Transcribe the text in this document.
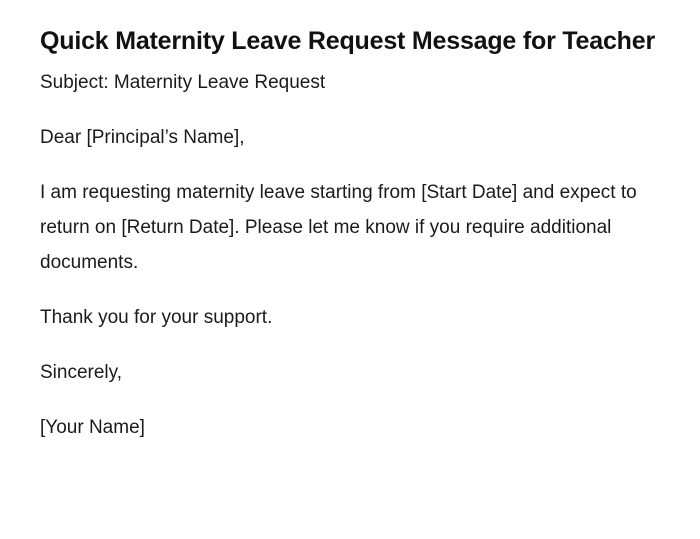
Quick Maternity Leave Request Message for Teacher

Subject: Maternity Leave Request

Dear [Principal’s Name],

I am requesting maternity leave starting from [Start Date] and expect to return on [Return Date]. Please let me know if you require additional documents.

Thank you for your support.

Sincerely,

[Your Name]
